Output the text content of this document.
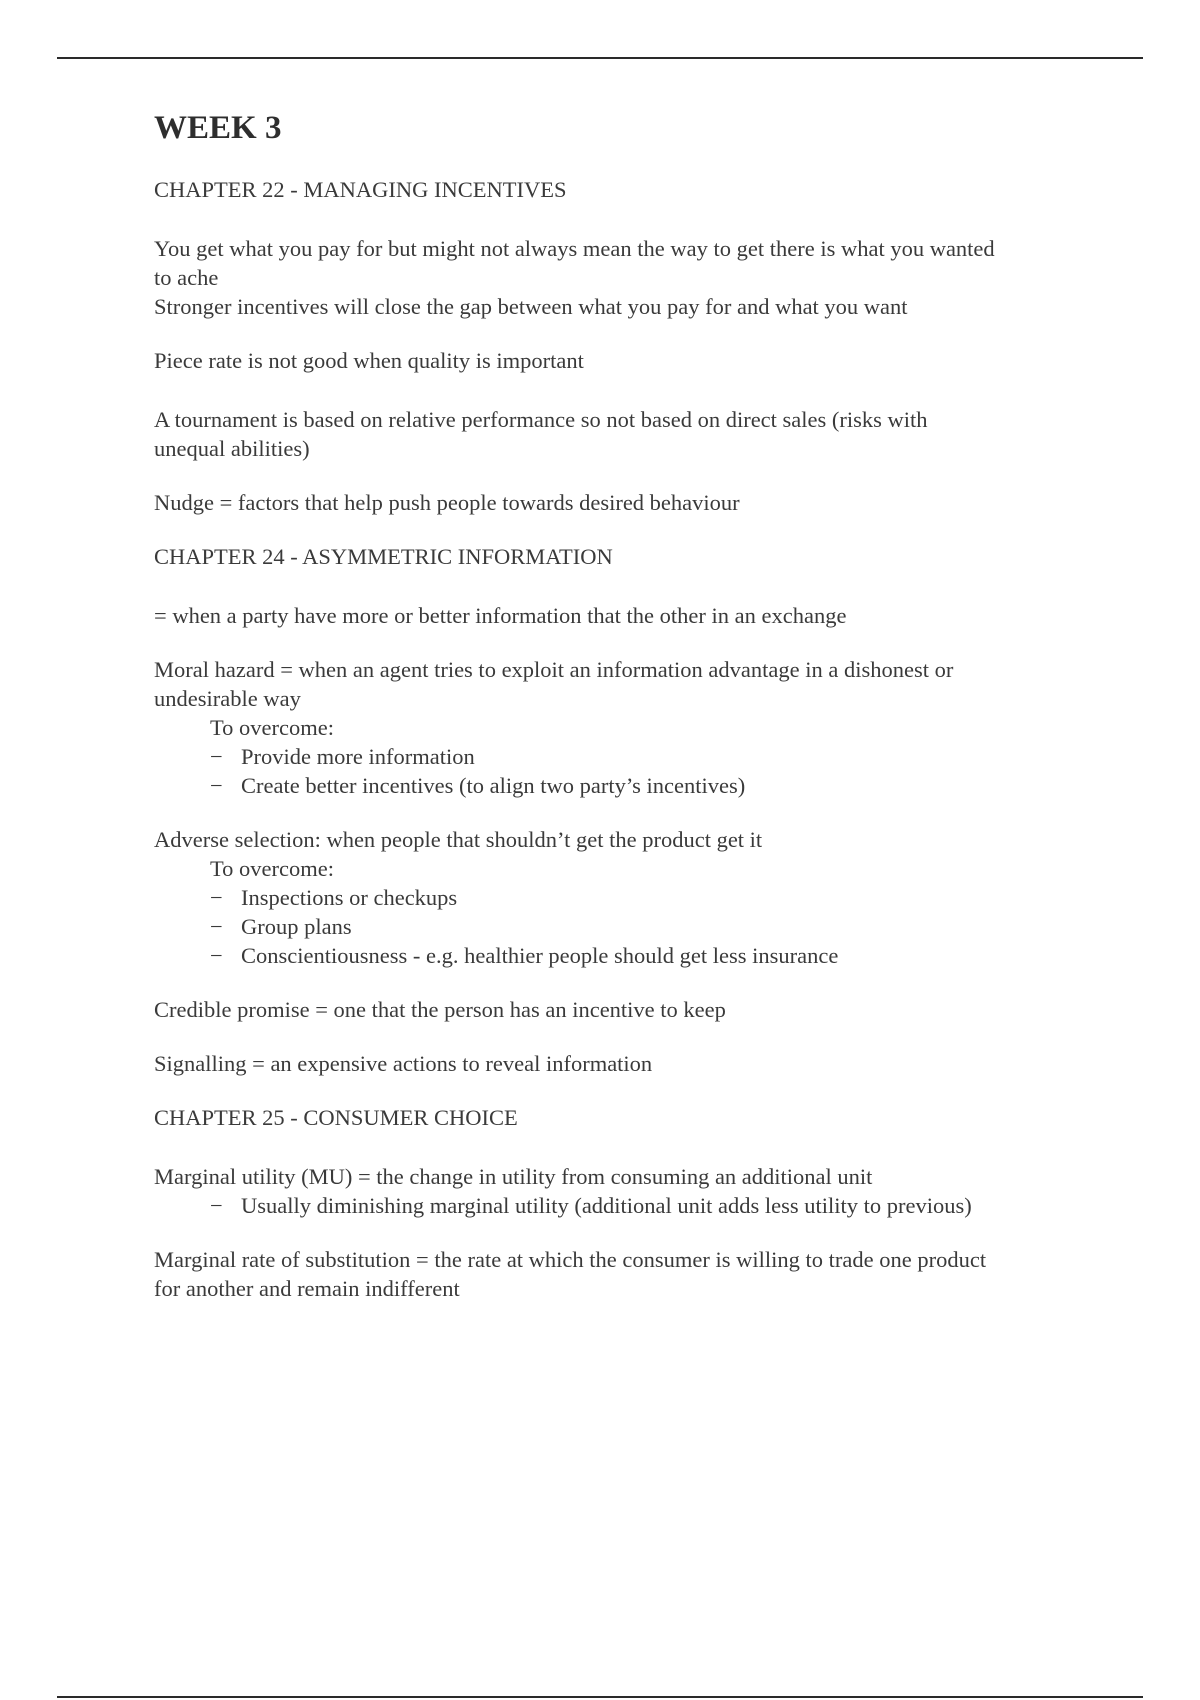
WEEK 3

CHAPTER 22 - MANAGING INCENTIVES

You get what you pay for but might not always mean the way to get there is what you wanted
to ache
Stronger incentives will close the gap between what you pay for and what you want

Piece rate is not good when quality is important

A tournament is based on relative performance so not based on direct sales (risks with
unequal abilities)

Nudge = factors that help push people towards desired behaviour

CHAPTER 24 - ASYMMETRIC INFORMATION

= when a party have more or better information that the other in an exchange

Moral hazard = when an agent tries to exploit an information advantage in a dishonest or
undesirable way
To overcome:

− Provide more information
− Create better incentives (to align two party’s incentives)

Adverse selection: when people that shouldn’t get the product get it
To overcome:

− Inspections or checkups
− Group plans
− Conscientiousness - e.g. healthier people should get less insurance

Credible promise = one that the person has an incentive to keep

Signalling = an expensive actions to reveal information

CHAPTER 25 - CONSUMER CHOICE

Marginal utility (MU) = the change in utility from consuming an additional unit

− Usually diminishing marginal utility (additional unit adds less utility to previous)

Marginal rate of substitution = the rate at which the consumer is willing to trade one product
for another and remain indifferent
